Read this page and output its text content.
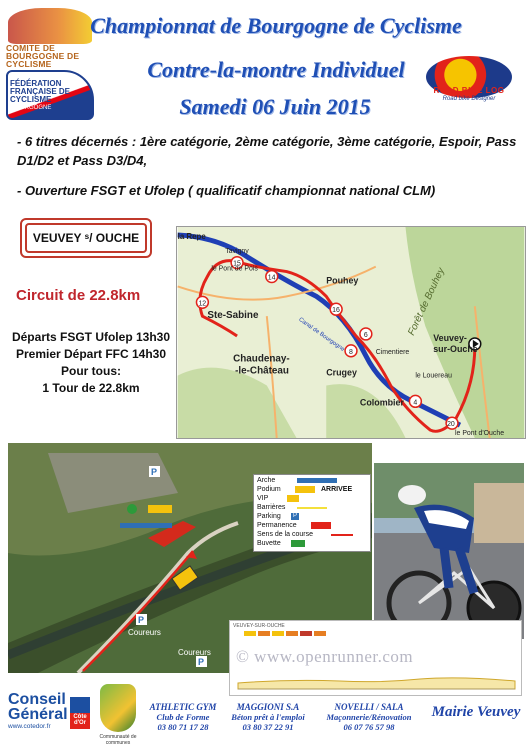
COMITE DE BOURGOGNE DE CYCLISME
FÉDÉRATION FRANÇAISE DE CYCLISME
BO URGOGNE
ROAD BIKE LOG
Road bike Designer
Championnat de Bourgogne de Cyclisme
Contre-la-montre Individuel
Samedi 06 Juin 2015
- 6 titres décernés : 1ère catégorie, 2ème catégorie, 3ème catégorie, Espoir, Pass D1/D2 et Pass D3/D4,
- Ouverture FSGT et Ufolep ( qualificatif championnat national CLM)
VEUVEY ˢ/ OUCHE
Circuit de 22.8km
Départs FSGT Ufolep 13h30
Premier Départ FFC 14h30
Pour tous:
1 Tour de 22.8km
15
12
14
16
6
8
4
20
la Repe
Tavigny
le Pont de Pois
Pouhey
Ste-Sabine
Chaudenay-
-le-Château	Crugey
Cimentiere
Veuvey-
sur-Ouche
le Louereau
Colombier
le Pont d'Ouche
Forêt de Bouhey
Canal de Bourgogne
P
P
P
Coureurs
Coureurs
Arche
Podium	ARRIVEE
VIP
Barrières
Parking	P
Permanence
Sens de la course
Buvette
VEUVEY-SUR-OUCHE
© www.openrunner.com
Conseil
Général
www.cotedor.fr
Côte d'Or
Communauté de communes
ATHLETIC GYM
Club de Forme
03 80 71 17 28
MAGGIONI S.A
Béton prêt à l'emploi
03 80 37 22 91
NOVELLI / SALA
Maçonnerie/Rénovation
06 07 76 57 98
Mairie Veuvey
